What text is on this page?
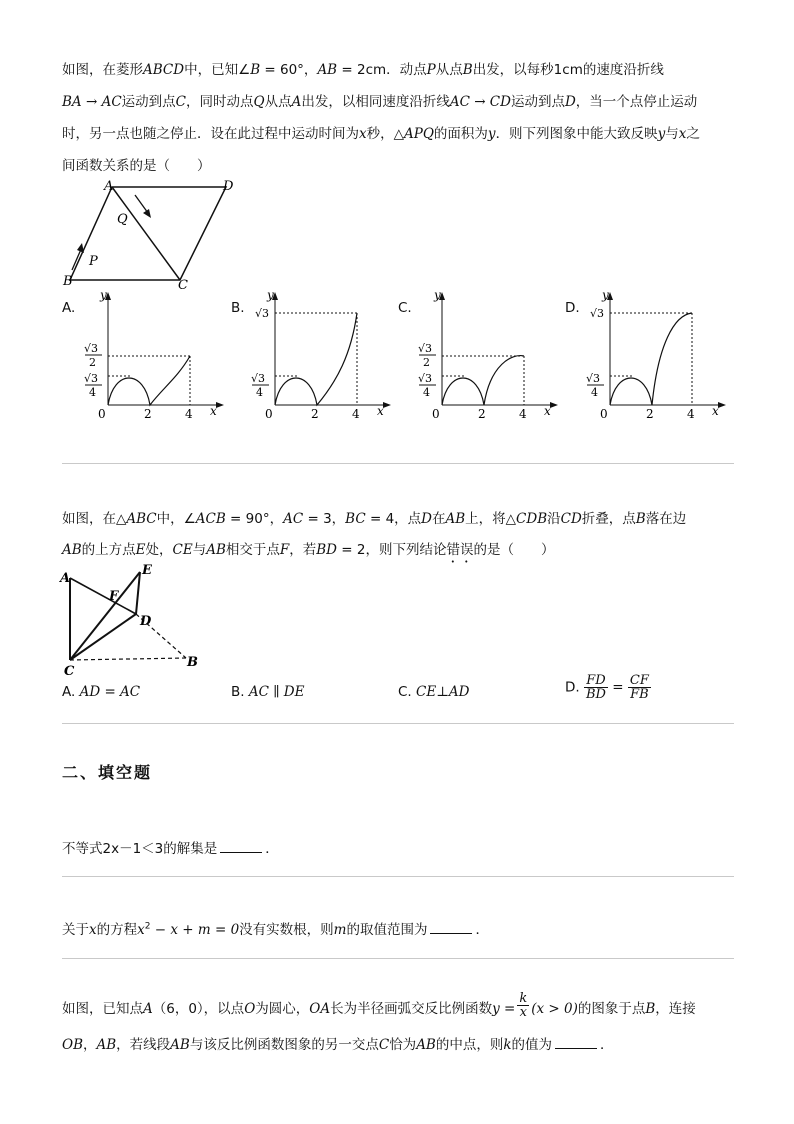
如图，在菱形ABCD中，已知∠B = 60°，AB = 2cm．动点P从点B出发，以每秒1cm的速度沿折线
BA → AC运动到点C，同时动点Q从点A出发，以相同速度沿折线AC → CD运动到点D，当一个点停止运动
时，另一点也随之停止．设在此过程中运动时间为x秒，△APQ的面积为y．则下列图象中能大致反映y与x之
间函数关系的是（　　）
A	D
B	C
P
Q
A.
y
x
0	2	4
√3
2
√3
4
B.
y
x
0	2	4
√3
√3
4
C.
y
x
0	2	4
√3
2
√3
4
D.
y
x
0	2	4
√3
√3
4
如图，在△ABC中，∠ACB = 90°，AC = 3，BC = 4，点D在AB上，将△CDB沿CD折叠，点B落在边
AB的上方点E处，CE与AB相交于点F，若BD = 2，则下列结论错误的是（　　）
A
E
F
D
C
B
A. AD = AC	B. AC ∥ DE	C. CE⊥AD	D. $\frac{FD}{BD} = \frac{CF}{FB}$
二、填空题
不等式2x－1＜3的解集是	．
关于x的方程$x^2 - x + m = 0$没有实数根，则m的取值范围为	．
如图，已知点A（6，0），以点O为圆心，OA长为半径画弧交反比例函数$y = \frac{k}{x} (x > 0)$的图象于点B，连接
OB，AB，若线段AB与该反比例函数图象的另一交点C恰为AB的中点，则k的值为	．
